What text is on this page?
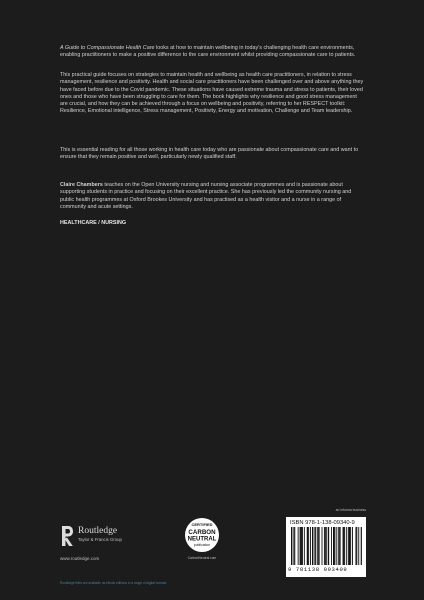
A Guide to Compassionate Health Care looks at how to maintain wellbeing in today’s challenging health care environments, enabling practitioners to make a positive difference to the care environment whilst providing compassionate care to patients.

This practical guide focuses on strategies to maintain health and wellbeing as health care practitioners, in relation to stress management, resilience and positivity. Health and social care practitioners have been challenged over and above anything they have faced before due to the Covid pandemic. These situations have caused extreme trauma and stress to patients, their loved ones and those who have been struggling to care for them. The book highlights why resilience and good stress management are crucial, and how they can be achieved through a focus on wellbeing and positivity, referring to her RESPECT toolkit: Resilience, Emotional intelligence, Stress management, Positivity, Energy and motivation, Challenge and Team leadership.

This is essential reading for all those working in health care today who are passionate about compassionate care and want to ensure that they remain positive and well, particularly newly qualified staff.

Claire Chambers teaches on the Open University nursing and nursing associate programmes and is passionate about supporting students in practice and focusing on their excellent practice. She has previously led the community nursing and public health programmes at Oxford Brookes University and has practised as a health visitor and a nurse in a range of community and acute settings.

HEALTHCARE / NURSING
Routledge
Taylor & Francis Group
www.routledge.com
Routledge titles are available as eBook editions in a range of digital formats
CERTIFIED
CARBON
NEUTRAL
publication
CarbonNeutral.com
an informa business
ISBN 978-1-138-09340-9
9 781138 093409
